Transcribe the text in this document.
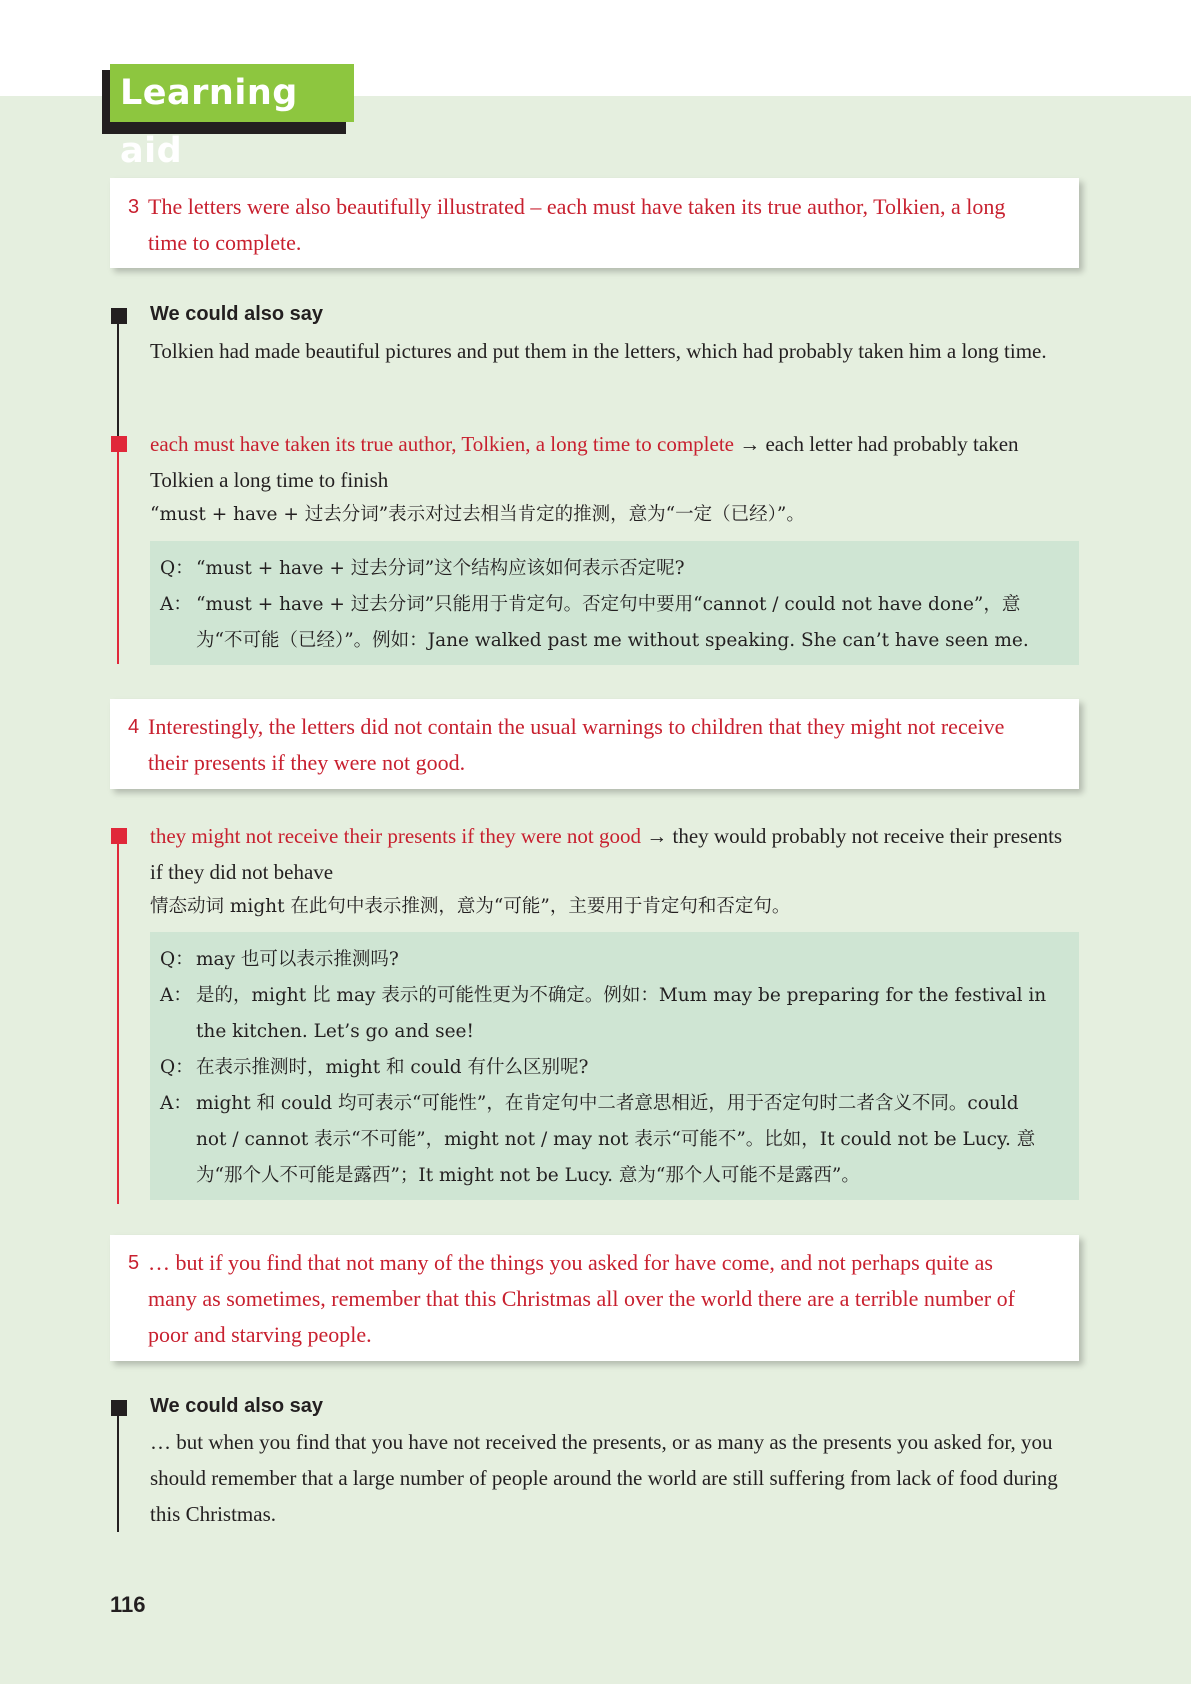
Learning aid
3 The letters were also beautifully illustrated – each must have taken its true author, Tolkien, a long time to complete.
We could also say
Tolkien had made beautiful pictures and put them in the letters, which had probably taken him a long time.
each must have taken its true author, Tolkien, a long time to complete → each letter had probably taken Tolkien a long time to finish
“must + have + 过去分词”表示对过去相当肯定的推测，意为“一定（已经）”。
Q： “must + have + 过去分词”这个结构应该如何表示否定呢?
A： “must + have + 过去分词”只能用于肯定句。否定句中要用“cannot / could not have done”，意为“不可能（已经）”。例如：Jane walked past me without speaking. She can’t have seen me.
4 Interestingly, the letters did not contain the usual warnings to children that they might not receive their presents if they were not good.
they might not receive their presents if they were not good → they would probably not receive their presents if they did not behave
情态动词 might 在此句中表示推测，意为“可能”，主要用于肯定句和否定句。
Q： may 也可以表示推测吗?
A： 是的，might 比 may 表示的可能性更为不确定。例如：Mum may be preparing for the festival in the kitchen. Let’s go and see!
Q： 在表示推测时，might 和 could 有什么区别呢?
A： might 和 could 均可表示“可能性”，在肯定句中二者意思相近，用于否定句时二者含义不同。could not / cannot 表示“不可能”，might not / may not 表示“可能不”。比如，It could not be Lucy. 意为“那个人不可能是露西”；It might not be Lucy. 意为“那个人可能不是露西”。
5 … but if you find that not many of the things you asked for have come, and not perhaps quite as many as sometimes, remember that this Christmas all over the world there are a terrible number of poor and starving people.
We could also say
… but when you find that you have not received the presents, or as many as the presents you asked for, you should remember that a large number of people around the world are still suffering from lack of food during this Christmas.
116
